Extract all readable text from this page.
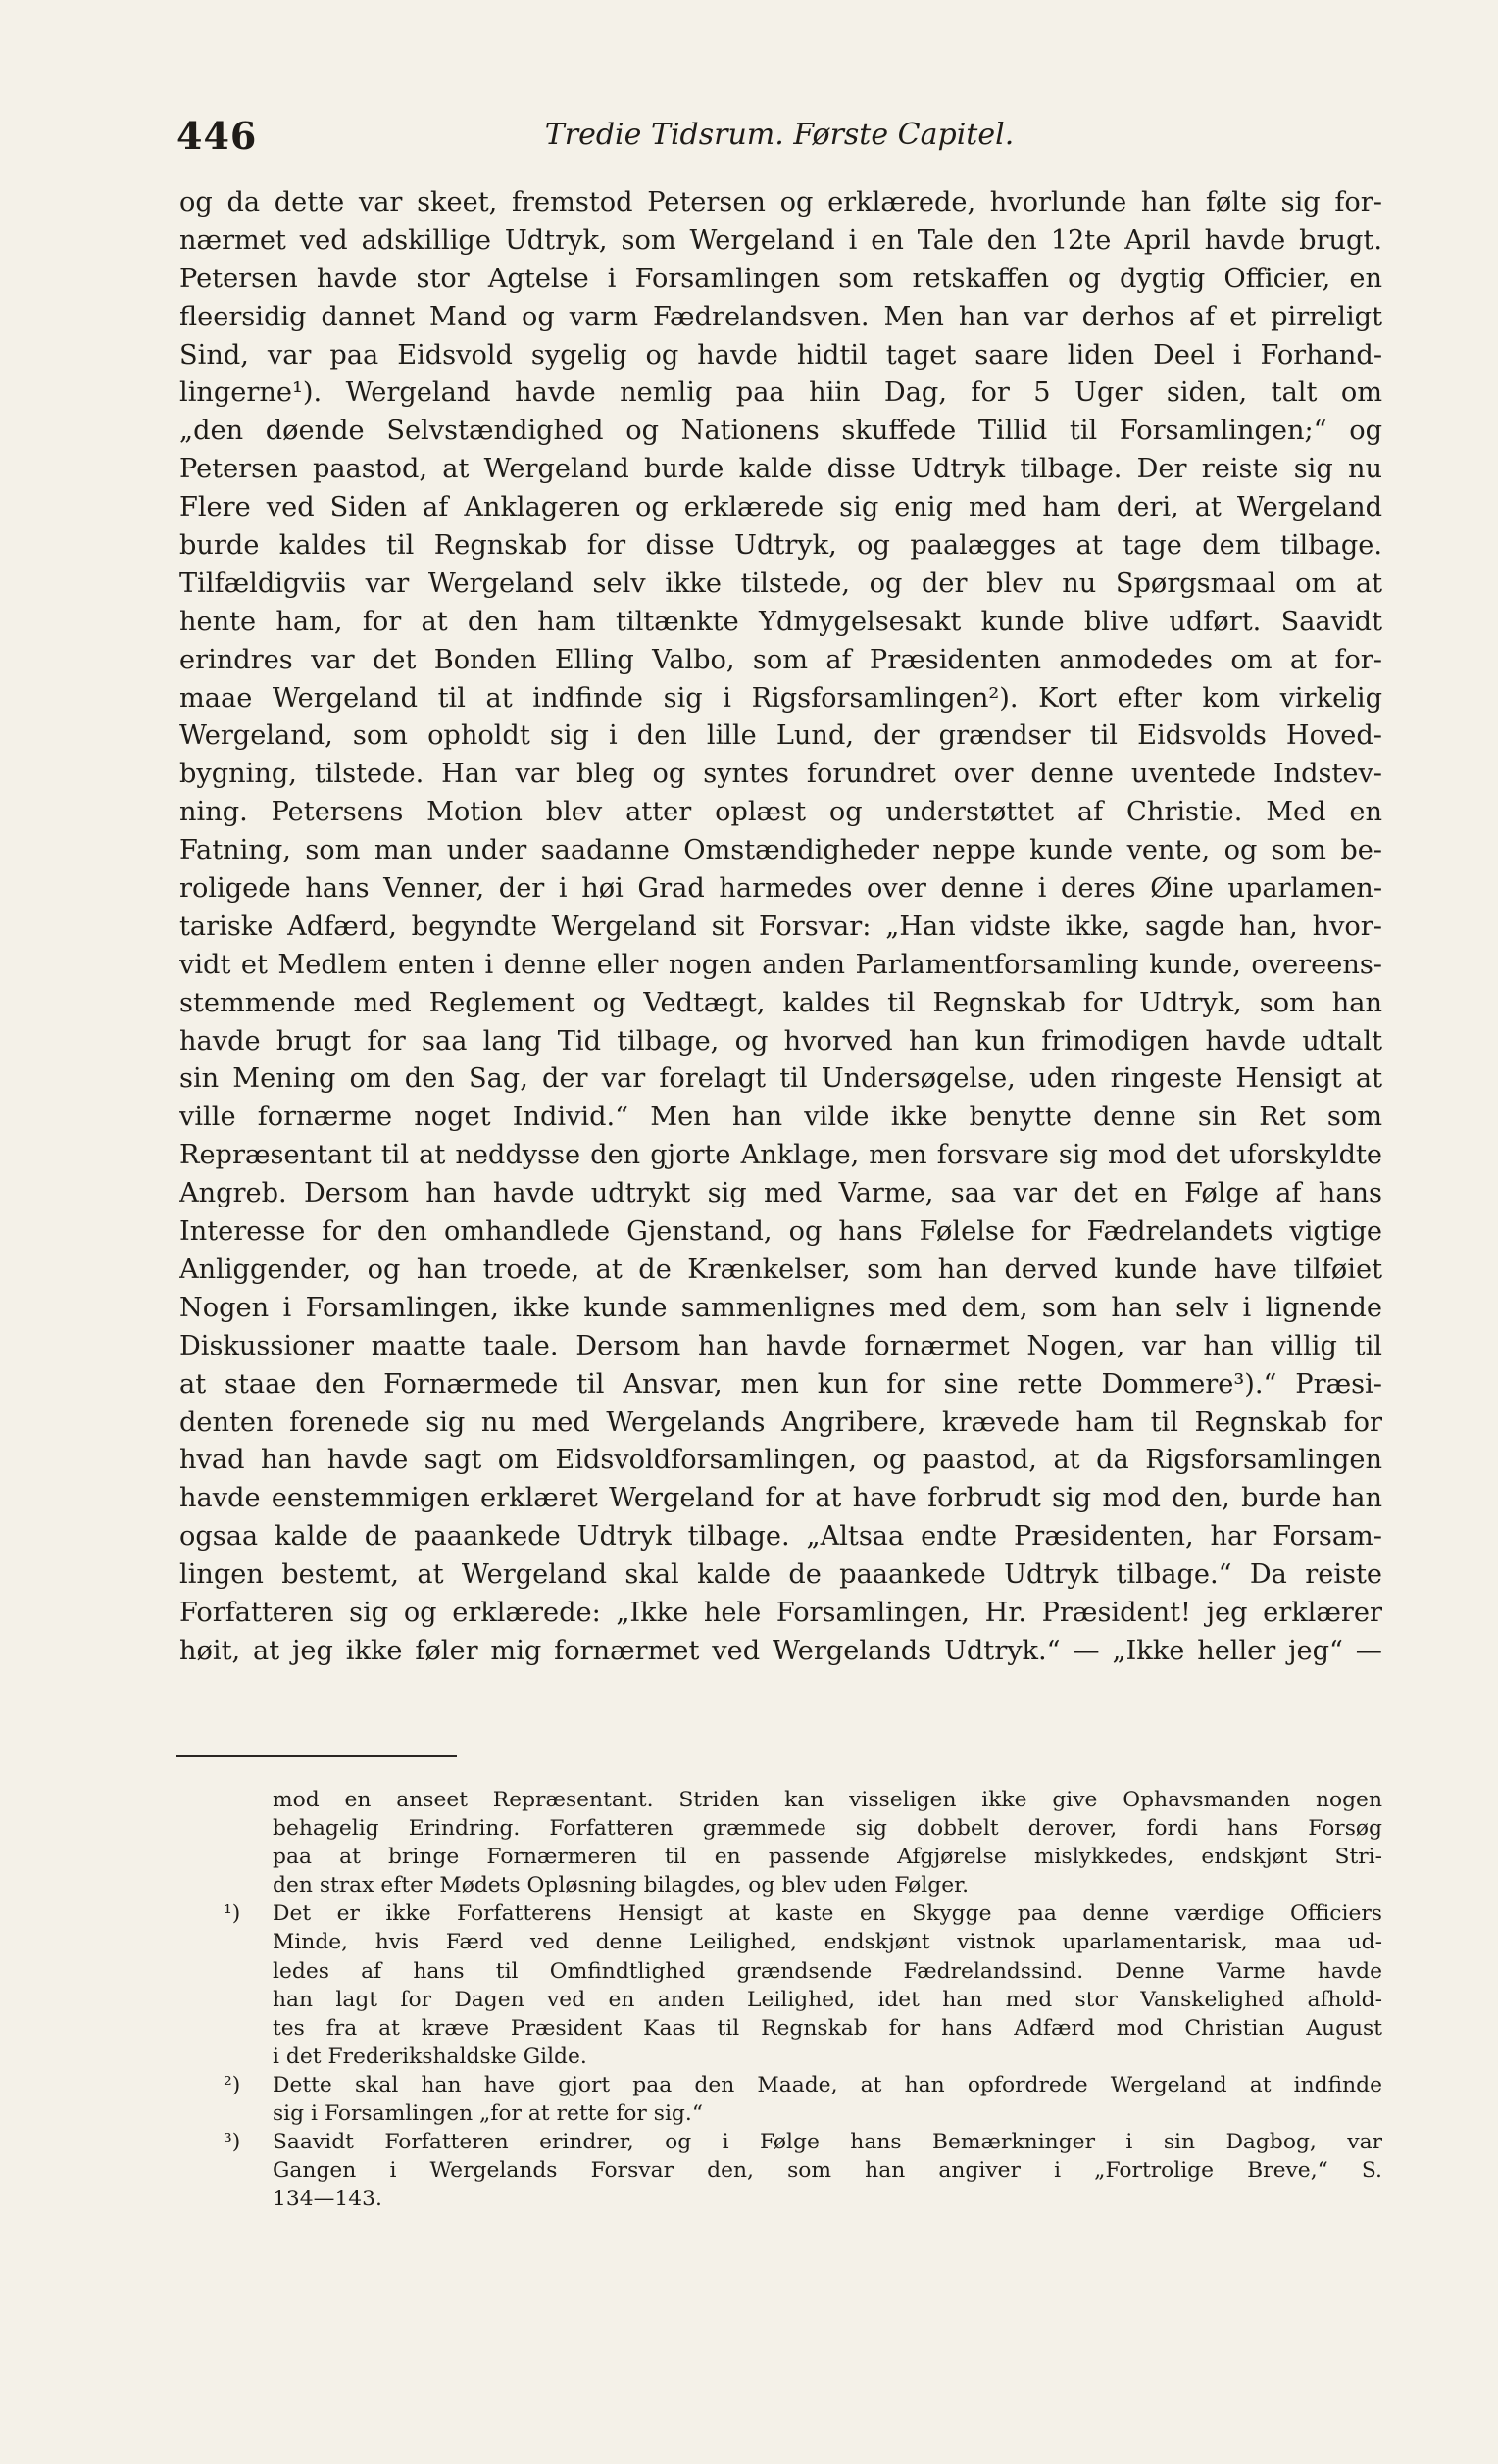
446	Tredie Tidsrum. Første Capitel.
og da dette var skeet, fremstod Petersen og erklærede, hvorlunde han følte sig for-
nærmet ved adskillige Udtryk, som Wergeland i en Tale den 12te April havde brugt.
Petersen havde stor Agtelse i Forsamlingen som retskaffen og dygtig Officier, en
fleersidig dannet Mand og varm Fædrelandsven. Men han var derhos af et pirreligt
Sind, var paa Eidsvold sygelig og havde hidtil taget saare liden Deel i Forhand-
lingerne¹). Wergeland havde nemlig paa hiin Dag, for 5 Uger siden, talt om
„den døende Selvstændighed og Nationens skuffede Tillid til Forsamlingen;“ og
Petersen paastod, at Wergeland burde kalde disse Udtryk tilbage. Der reiste sig nu
Flere ved Siden af Anklageren og erklærede sig enig med ham deri, at Wergeland
burde kaldes til Regnskab for disse Udtryk, og paalægges at tage dem tilbage.
Tilfældigviis var Wergeland selv ikke tilstede, og der blev nu Spørgsmaal om at
hente ham, for at den ham tiltænkte Ydmygelsesakt kunde blive udført. Saavidt
erindres var det Bonden Elling Valbo, som af Præsidenten anmodedes om at for-
maae Wergeland til at indfinde sig i Rigsforsamlingen²). Kort efter kom virkelig
Wergeland, som opholdt sig i den lille Lund, der grændser til Eidsvolds Hoved-
bygning, tilstede. Han var bleg og syntes forundret over denne uventede Indstev-
ning. Petersens Motion blev atter oplæst og understøttet af Christie. Med en
Fatning, som man under saadanne Omstændigheder neppe kunde vente, og som be-
roligede hans Venner, der i høi Grad harmedes over denne i deres Øine uparlamen-
tariske Adfærd, begyndte Wergeland sit Forsvar: „Han vidste ikke, sagde han, hvor-
vidt et Medlem enten i denne eller nogen anden Parlamentforsamling kunde, overeens-
stemmende med Reglement og Vedtægt, kaldes til Regnskab for Udtryk, som han
havde brugt for saa lang Tid tilbage, og hvorved han kun frimodigen havde udtalt
sin Mening om den Sag, der var forelagt til Undersøgelse, uden ringeste Hensigt at
ville fornærme noget Individ.“ Men han vilde ikke benytte denne sin Ret som
Repræsentant til at neddysse den gjorte Anklage, men forsvare sig mod det uforskyldte
Angreb. Dersom han havde udtrykt sig med Varme, saa var det en Følge af hans
Interesse for den omhandlede Gjenstand, og hans Følelse for Fædrelandets vigtige
Anliggender, og han troede, at de Krænkelser, som han derved kunde have tilføiet
Nogen i Forsamlingen, ikke kunde sammenlignes med dem, som han selv i lignende
Diskussioner maatte taale. Dersom han havde fornærmet Nogen, var han villig til
at staae den Fornærmede til Ansvar, men kun for sine rette Dommere³).“ Præsi-
denten forenede sig nu med Wergelands Angribere, krævede ham til Regnskab for
hvad han havde sagt om Eidsvoldforsamlingen, og paastod, at da Rigsforsamlingen
havde eenstemmigen erklæret Wergeland for at have forbrudt sig mod den, burde han
ogsaa kalde de paaankede Udtryk tilbage. „Altsaa endte Præsidenten, har Forsam-
lingen bestemt, at Wergeland skal kalde de paaankede Udtryk tilbage.“ Da reiste
Forfatteren sig og erklærede: „Ikke hele Forsamlingen, Hr. Præsident! jeg erklærer
høit, at jeg ikke føler mig fornærmet ved Wergelands Udtryk.“ — „Ikke heller jeg“ —
mod en anseet Repræsentant. Striden kan visseligen ikke give Ophavsmanden nogen
behagelig Erindring. Forfatteren græmmede sig dobbelt derover, fordi hans Forsøg
paa at bringe Fornærmeren til en passende Afgjørelse mislykkedes, endskjønt Stri-
den strax efter Mødets Opløsning bilagdes, og blev uden Følger.
¹)	Det er ikke Forfatterens Hensigt at kaste en Skygge paa denne værdige Officiers
Minde, hvis Færd ved denne Leilighed, endskjønt vistnok uparlamentarisk, maa ud-
ledes af hans til Omfindtlighed grændsende Fædrelandssind. Denne Varme havde
han lagt for Dagen ved en anden Leilighed, idet han med stor Vanskelighed afhold-
tes fra at kræve Præsident Kaas til Regnskab for hans Adfærd mod Christian August
i det Frederikshaldske Gilde.
²)	Dette skal han have gjort paa den Maade, at han opfordrede Wergeland at indfinde
sig i Forsamlingen „for at rette for sig.“
³)	Saavidt Forfatteren erindrer, og i Følge hans Bemærkninger i sin Dagbog, var
Gangen i Wergelands Forsvar den, som han angiver i „Fortrolige Breve,“ S.
134—143.
